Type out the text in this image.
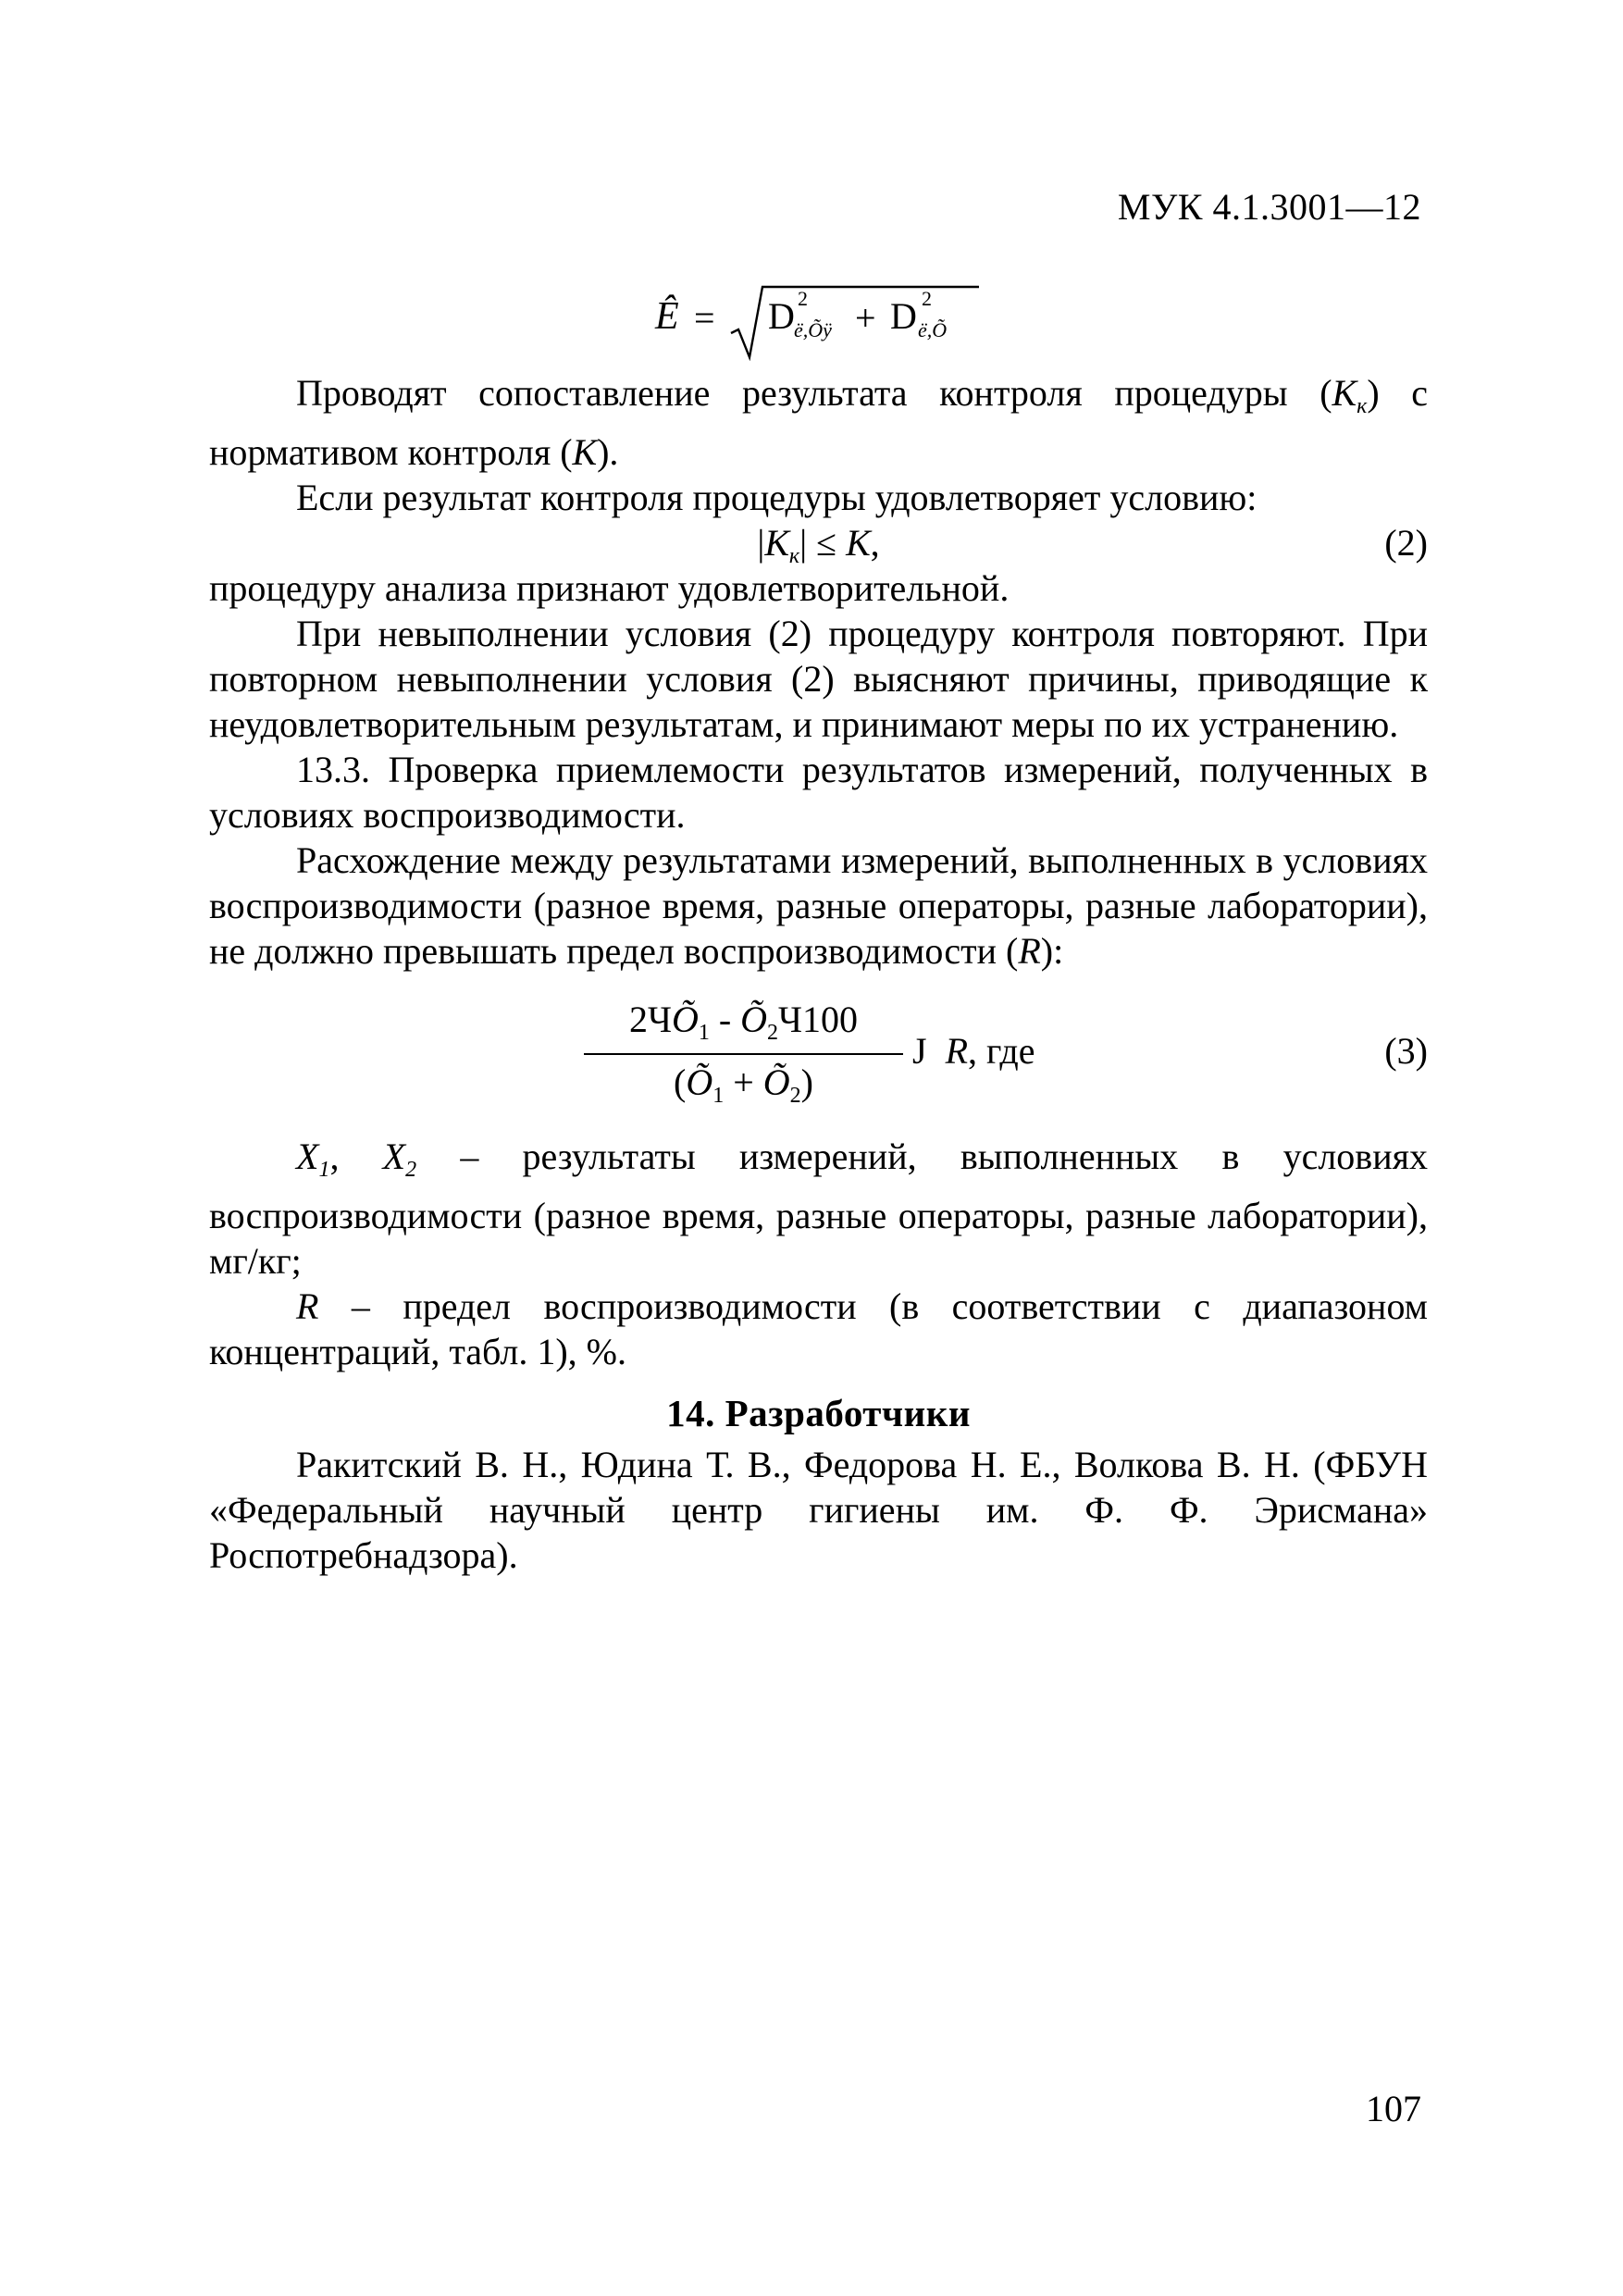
МУК 4.1.3001—12
Ê = D 2
ë,Õÿ + D 2
ë,Õ

Проводят сопоставление результата контроля процедуры $(К_к)$ с нормативом контроля (К).

Если результат контроля процедуры удовлетворяет условию:

$|К_к| \le К$,	(2)

процедуру анализа признают удовлетворительной.

При невыполнении условия (2) процедуру контроля повторяют. При повторном невыполнении условия (2) выясняют причины, приводящие к неудовлетворительным результатам, и принимают меры по их устранению.

13.3. Проверка приемлемости результатов измерений, полученных в условиях воспроизводимости.

Расхождение между результатами измерений, выполненных в условиях воспроизводимости (разное время, разные операторы, разные лаборатории), не должно превышать предел воспроизводимости (R):

$2ЧÕ_1$ - $Õ_2Ч100$
($Õ_1$ + $Õ_2$)
J R, где	(3)

$X_1$, $X_2$ – результаты измерений, выполненных в условиях воспроизводимости (разное время, разные операторы, разные лаборатории), мг/кг;

R – предел воспроизводимости (в соответствии с диапазоном концентраций, табл. 1), %.

14. Разработчики

Ракитский В. Н., Юдина Т. В., Федорова Н. Е., Волкова В. Н. (ФБУН «Федеральный научный центр гигиены им. Ф. Ф. Эрисмана» Роспотребнадзора).

107
